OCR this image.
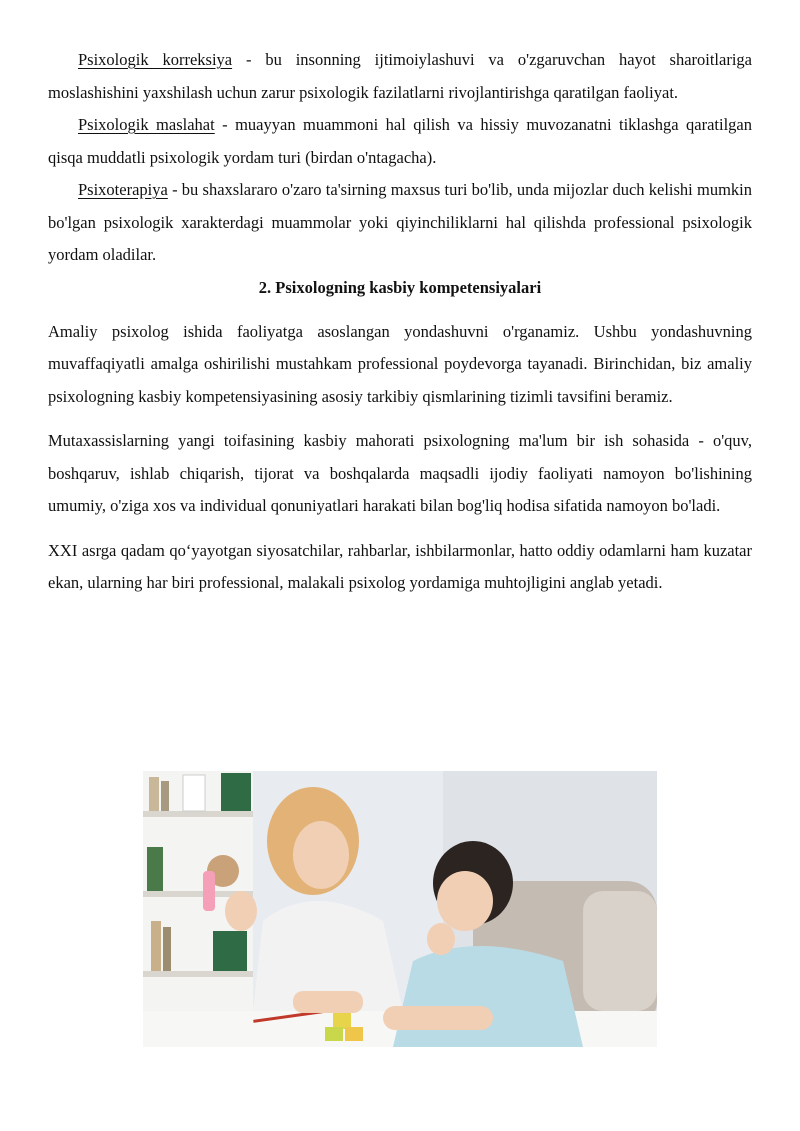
Psixologik korreksiya - bu insonning ijtimoiylashuvi va o'zgaruvchan hayot sharoitlariga moslashishini yaxshilash uchun zarur psixologik fazilatlarni rivojlantirishga qaratilgan faoliyat.

Psixologik maslahat - muayyan muammoni hal qilish va hissiy muvozanatni tiklashga qaratilgan qisqa muddatli psixologik yordam turi (birdan o'ntagacha).

Psixoterapiya - bu shaxslararo o'zaro ta'sirning maxsus turi bo'lib, unda mijozlar duch kelishi mumkin bo'lgan psixologik xarakterdagi muammolar yoki qiyinchiliklarni hal qilishda professional psixologik yordam oladilar.

2. Psixologning kasbiy kompetensiyalari

Amaliy psixolog ishida faoliyatga asoslangan yondashuvni o'rganamiz. Ushbu yondashuvning muvaffaqiyatli amalga oshirilishi mustahkam professional poydevorga tayanadi. Birinchidan, biz amaliy psixologning kasbiy kompetensiyasining asosiy tarkibiy qismlarining tizimli tavsifini beramiz.

Mutaxassislarning yangi toifasining kasbiy mahorati psixologning ma'lum bir ish sohasida - o'quv, boshqaruv, ishlab chiqarish, tijorat va boshqalarda maqsadli ijodiy faoliyati namoyon bo'lishining umumiy, o'ziga xos va individual qonuniyatlari harakati bilan bog'liq hodisa sifatida namoyon bo'ladi.

XXI asrga qadam qo‘yayotgan siyosatchilar, rahbarlar, ishbilarmonlar, hatto oddiy odamlarni ham kuzatar ekan, ularning har biri professional, malakali psixolog yordamiga muhtojligini anglab yetadi.
